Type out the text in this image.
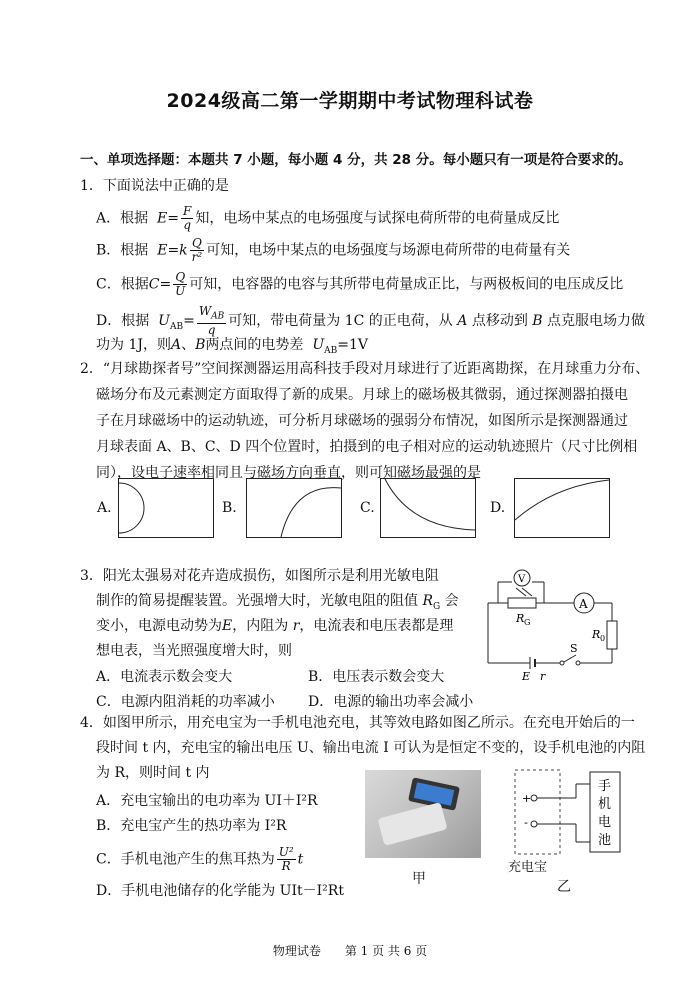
2024级高二第一学期期中考试物理科试卷
一、单项选择题：本题共 7 小题，每小题 4 分，共 28 分。每小题只有一项是符合要求的。
1．下面说法中正确的是
A．根据 $E= \frac{F}{q}$ 知，电场中某点的电场强度与试探电荷所带的电荷量成反比
B．根据 $E=k \frac{Q}{\text{r²}}$ 可知，电场中某点的电场强度与场源电荷所带的电荷量有关
C．根据$C= \frac{Q}{U}$ 可知，电容器的电容与其所带电荷量成正比，与两极板间的电压成反比
D．根据 $U_{AB}= \frac{W_{AB}}{q}$ 可知，带电荷量为 1C 的正电荷，从 A 点移动到 B 点克服电场力做
功为 1J，则A、B两点间的电势差 $U_{AB}=1V$
2．“月球勘探者号”空间探测器运用高科技手段对月球进行了近距离勘探，在月球重力分布、
磁场分布及元素测定方面取得了新的成果。月球上的磁场极其微弱，通过探测器拍摄电
子在月球磁场中的运动轨迹，可分析月球磁场的强弱分布情况，如图所示是探测器通过
月球表面 A、B、C、D 四个位置时，拍摄到的电子相对应的运动轨迹照片（尺寸比例相
同），设电子速率相同且与磁场方向垂直，则可知磁场最强的是
A.	B.	C.	D.
3．阳光太强易对花卉造成损伤，如图所示是利用光敏电阻
制作的简易提醒装置。光强增大时，光敏电阻的阻值 $R_G$ 会
变小，电源电动势为E，内阻为 r，电流表和电压表都是理
想电表，当光照强度增大时，则
A．电流表示数会变大	B．电压表示数会变大
C．电源内阻消耗的功率减小 D．电源的输出功率会减小
A
V
R G
R 0
S
E r
4．如图甲所示，用充电宝为一手机电池充电，其等效电路如图乙所示。在充电开始后的一
段时间 t 内，充电宝的输出电压 U、输出电流 I 可认为是恒定不变的，设手机电池的内阻
为 R，则时间 t 内
A．充电宝输出的电功率为 UI＋I²R
B．充电宝产生的热功率为 I²R
C．手机电池产生的焦耳热为 $\frac{\text{U²}}{R}$ t
D．手机电池储存的化学能为 UIt－I²Rt
甲
+
-
手
机
电
池
充电宝
乙
物理试卷　　第 1 页 共 6 页
